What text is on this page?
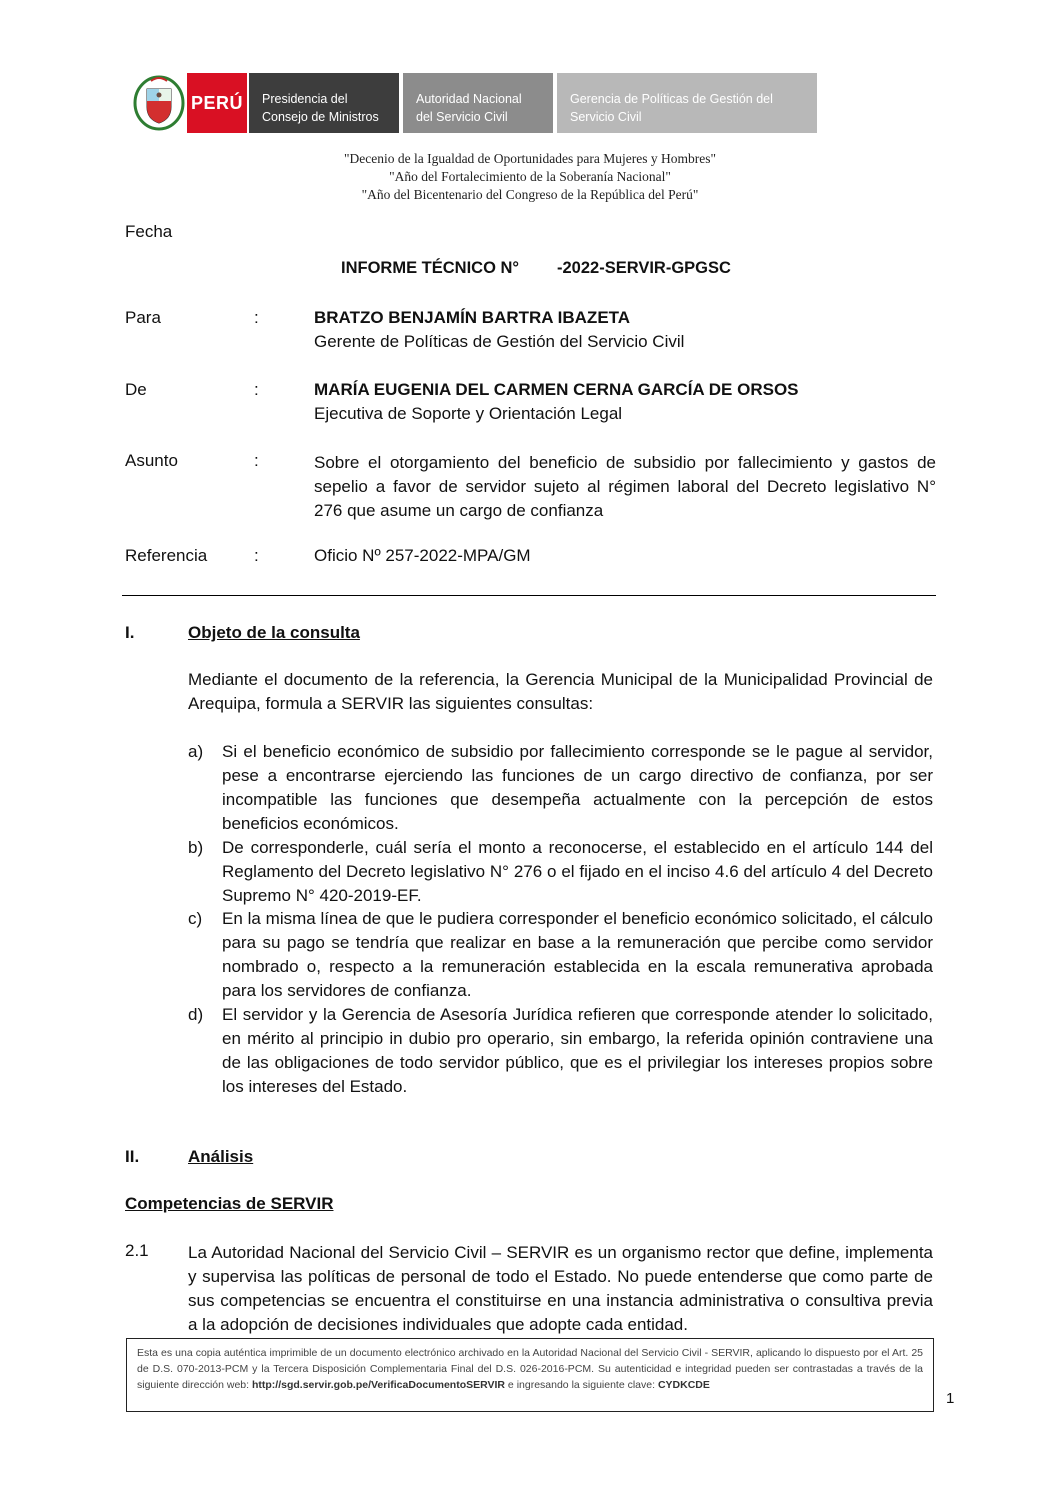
PERÚ	Presidencia del
Consejo de Ministros
Autoridad Nacional
del Servicio Civil
Gerencia de Políticas de Gestión del
Servicio Civil
"Decenio de la Igualdad de Oportunidades para Mujeres y Hombres"
"Año del Fortalecimiento de la Soberanía Nacional"
"Año del Bicentenario del Congreso de la República del Perú"
Fecha
INFORME TÉCNICO N° -2022-SERVIR-GPGSC
Para	:	BRATZO BENJAMÍN BARTRA IBAZETA
Gerente de Políticas de Gestión del Servicio Civil
De	:	MARÍA EUGENIA DEL CARMEN CERNA GARCÍA DE ORSOS
Ejecutiva de Soporte y Orientación Legal
Asunto	:	Sobre el otorgamiento del beneficio de subsidio por fallecimiento y gastos de
sepelio a favor de servidor sujeto al régimen laboral del Decreto legislativo N°
276 que asume un cargo de confianza
Referencia	:	Oficio Nº 257-2022-MPA/GM
I.	Objeto de la consulta
Mediante el documento de la referencia, la Gerencia Municipal de la Municipalidad Provincial de Arequipa, formula a SERVIR las siguientes consultas:
a)	Si el beneficio económico de subsidio por fallecimiento corresponde se le pague al servidor, pese a encontrarse ejerciendo las funciones de un cargo directivo de confianza, por ser incompatible las funciones que desempeña actualmente con la percepción de estos beneficios económicos.
b)	De corresponderle, cuál sería el monto a reconocerse, el establecido en el artículo 144 del Reglamento del Decreto legislativo N° 276 o el fijado en el inciso 4.6 del artículo 4 del Decreto Supremo N° 420-2019-EF.
c)	En la misma línea de que le pudiera corresponder el beneficio económico solicitado, el cálculo para su pago se tendría que realizar en base a la remuneración que percibe como servidor nombrado o, respecto a la remuneración establecida en la escala remunerativa aprobada para los servidores de confianza.
d)	El servidor y la Gerencia de Asesoría Jurídica refieren que corresponde atender lo solicitado, en mérito al principio in dubio pro operario, sin embargo, la referida opinión contraviene una de las obligaciones de todo servidor público, que es el privilegiar los intereses propios sobre los intereses del Estado.
II.	Análisis
Competencias de SERVIR
2.1 La Autoridad Nacional del Servicio Civil – SERVIR es un organismo rector que define, implementa y supervisa las políticas de personal de todo el Estado. No puede entenderse que como parte de sus competencias se encuentra el constituirse en una instancia administrativa o consultiva previa a la adopción de decisiones individuales que adopte cada entidad.
Esta es una copia auténtica imprimible de un documento electrónico archivado en la Autoridad Nacional del Servicio Civil - SERVIR, aplicando lo dispuesto por el Art. 25 de D.S. 070-2013-PCM y la Tercera Disposición Complementaria Final del D.S. 026-2016-PCM. Su autenticidad e integridad pueden ser contrastadas a través de la siguiente dirección web: http://sgd.servir.gob.pe/VerificaDocumentoSERVIR e ingresando la siguiente clave: CYDKCDE
1
